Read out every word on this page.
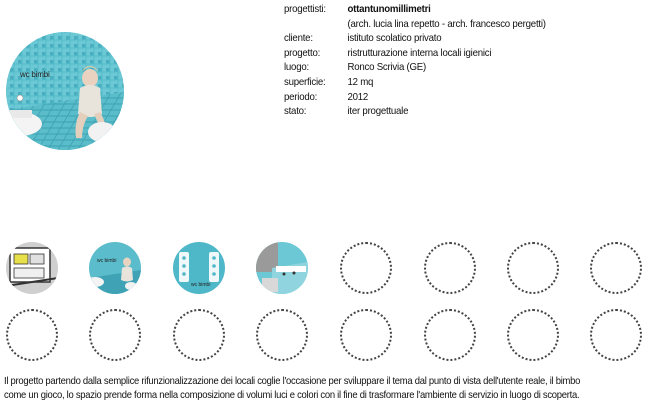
wc bimbi
progettisti:	ottantunomillimetri
(arch. lucia lina repetto - arch. francesco pergetti)
cliente:	istituto scolatico privato
progetto:	ristrutturazione interna locali igienici
luogo:	Ronco Scrivia (GE)
superficie:	12 mq
periodo:	2012
stato:	iter progettuale
wc bimbi
wc bimbi
Il progetto partendo dalla semplice rifunzionalizzazione dei locali coglie l'occasione per sviluppare il tema dal punto di vista dell'utente reale, il bimbo
come un gioco, lo spazio prende forma nella composizione di volumi luci e colori con il fine di trasformare l'ambiente di servizio in luogo di scoperta.
